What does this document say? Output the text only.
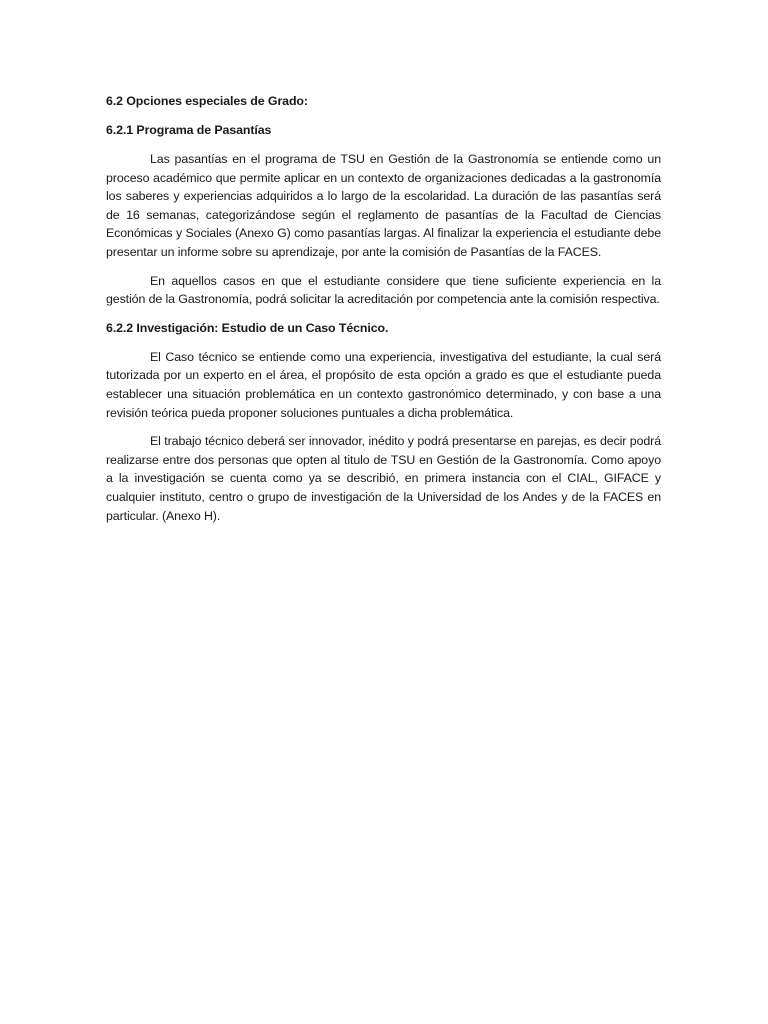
6.2 Opciones especiales de Grado:
6.2.1 Programa de Pasantías

Las pasantías en el programa de TSU en Gestión de la Gastronomía se entiende como un proceso académico que permite aplicar en un contexto de organizaciones dedicadas a la gastronomía los saberes y experiencias adquiridos a lo largo de la escolaridad. La duración de las pasantías será de 16 semanas, categorizándose según el reglamento de pasantías de la Facultad de Ciencias Económicas y Sociales (Anexo G) como pasantías largas. Al finalizar la experiencia el estudiante debe presentar un informe sobre su aprendizaje, por ante la comisión de Pasantías de la FACES.

En aquellos casos en que el estudiante considere que tiene suficiente experiencia en la gestión de la Gastronomía, podrá solicitar la acreditación por competencia ante la comisión respectiva.

6.2.2 Investigación: Estudio de un Caso Técnico.

El Caso técnico se entiende como una experiencia, investigativa del estudiante, la cual será tutorizada por un experto en el área, el propósito de esta opción a grado es que el estudiante pueda establecer una situación problemática en un contexto gastronómico determinado, y con base a una revisión teórica pueda proponer soluciones puntuales a dicha problemática.

El trabajo técnico deberá ser innovador, inédito y podrá presentarse en parejas, es decir podrá realizarse entre dos personas que opten al titulo de TSU en Gestión de la Gastronomía. Como apoyo a la investigación se cuenta como ya se describió, en primera instancia con el CIAL, GIFACE y cualquier instituto, centro o grupo de investigación de la Universidad de los Andes y de la FACES en particular. (Anexo H).
